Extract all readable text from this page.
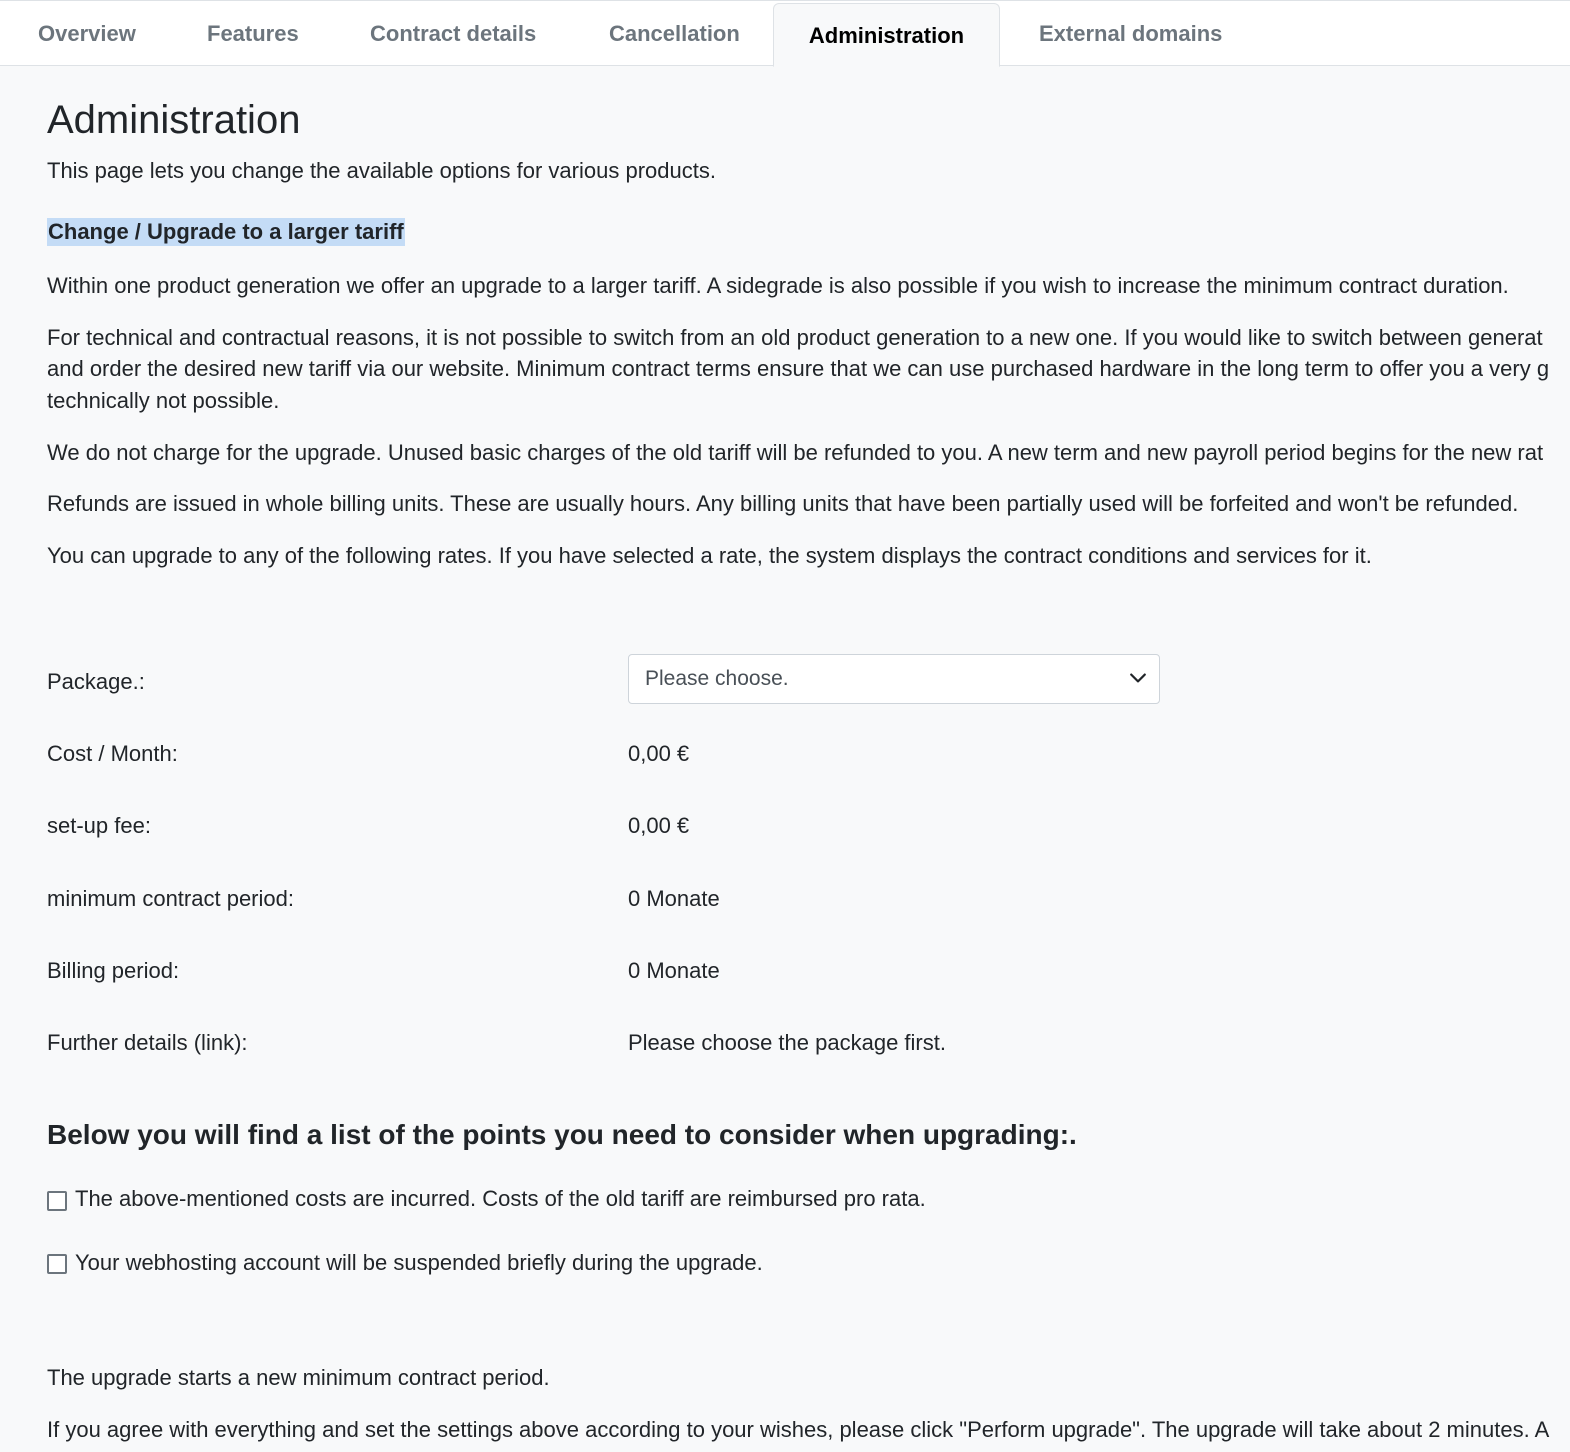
Overview	Features	Contract details	Cancellation	Administration	External domains
Administration
This page lets you change the available options for various products.
Change / Upgrade to a larger tariff
Within one product generation we offer an upgrade to a larger tariff. A sidegrade is also possible if you wish to increase the minimum contract duration.
For technical and contractual reasons, it is not possible to switch from an old product generation to a new one. If you would like to switch between generat
and order the desired new tariff via our website. Minimum contract terms ensure that we can use purchased hardware in the long term to offer you a very g
technically not possible.
We do not charge for the upgrade. Unused basic charges of the old tariff will be refunded to you. A new term and new payroll period begins for the new rat
Refunds are issued in whole billing units. These are usually hours. Any billing units that have been partially used will be forfeited and won't be refunded.
You can upgrade to any of the following rates. If you have selected a rate, the system displays the contract conditions and services for it.
Package.:	Please choose.
Cost / Month:	0,00 €
set-up fee:	0,00 €
minimum contract period:	0 Monate
Billing period:	0 Monate
Further details (link):	Please choose the package first.
Below you will find a list of the points you need to consider when upgrading:.
The above-mentioned costs are incurred. Costs of the old tariff are reimbursed pro rata.
Your webhosting account will be suspended briefly during the upgrade.
The upgrade starts a new minimum contract period.
If you agree with everything and set the settings above according to your wishes, please click "Perform upgrade". The upgrade will take about 2 minutes. A
